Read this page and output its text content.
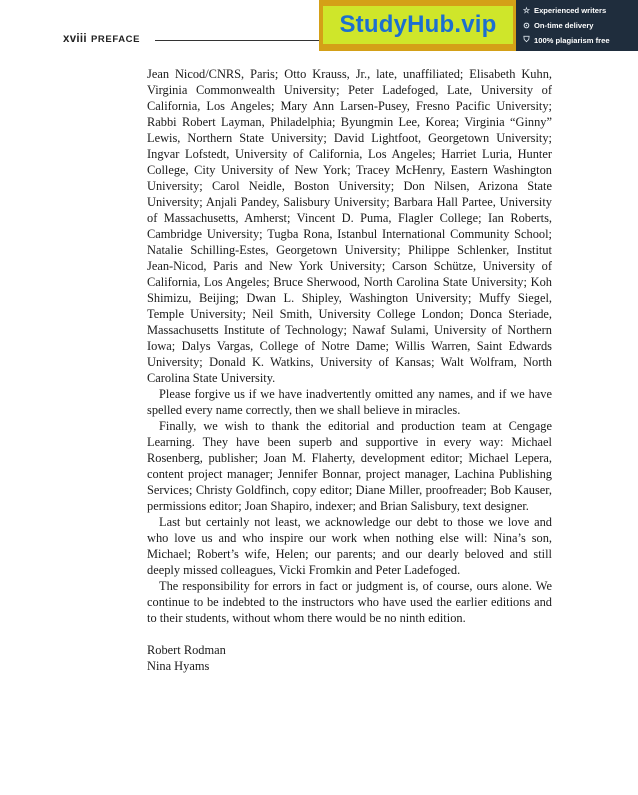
xviii PREFACE
StudyHub.vip
☆ Experienced writers
⊙ On-time delivery
⛉ 100% plagiarism free

Jean Nicod/CNRS, Paris; Otto Krauss, Jr., late, unaffiliated; Elisabeth Kuhn, Virginia Commonwealth University; Peter Ladefoged, Late, University of California, Los Angeles; Mary Ann Larsen-Pusey, Fresno Pacific University; Rabbi Robert Layman, Philadelphia; Byungmin Lee, Korea; Virginia “Ginny” Lewis, Northern State University; David Lightfoot, Georgetown University; Ingvar Lofstedt, University of California, Los Angeles; Harriet Luria, Hunter College, City University of New York; Tracey McHenry, Eastern Washington University; Carol Neidle, Boston University; Don Nilsen, Arizona State University; Anjali Pandey, Salisbury University; Barbara Hall Partee, University of Massachusetts, Amherst; Vincent D. Puma, Flagler College; Ian Roberts, Cambridge University; Tugba Rona, Istanbul International Community School; Natalie Schilling-Estes, Georgetown University; Philippe Schlenker, Institut Jean-Nicod, Paris and New York University; Carson Schütze, University of California, Los Angeles; Bruce Sherwood, North Carolina State University; Koh Shimizu, Beijing; Dwan L. Shipley, Washington University; Muffy Siegel, Temple University; Neil Smith, University College London; Donca Steriade, Massachusetts Institute of Technology; Nawaf Sulami, University of Northern Iowa; Dalys Vargas, College of Notre Dame; Willis Warren, Saint Edwards University; Donald K. Watkins, University of Kansas; Walt Wolfram, North Carolina State University.

Please forgive us if we have inadvertently omitted any names, and if we have spelled every name correctly, then we shall believe in miracles.

Finally, we wish to thank the editorial and production team at Cengage Learning. They have been superb and supportive in every way: Michael Rosenberg, publisher; Joan M. Flaherty, development editor; Michael Lepera, content project manager; Jennifer Bonnar, project manager, Lachina Publishing Services; Christy Goldfinch, copy editor; Diane Miller, proofreader; Bob Kauser, permissions editor; Joan Shapiro, indexer; and Brian Salisbury, text designer.

Last but certainly not least, we acknowledge our debt to those we love and who love us and who inspire our work when nothing else will: Nina’s son, Michael; Robert’s wife, Helen; our parents; and our dearly beloved and still deeply missed colleagues, Vicki Fromkin and Peter Ladefoged.

The responsibility for errors in fact or judgment is, of course, ours alone. We continue to be indebted to the instructors who have used the earlier editions and to their students, without whom there would be no ninth edition.

Robert Rodman
Nina Hyams
